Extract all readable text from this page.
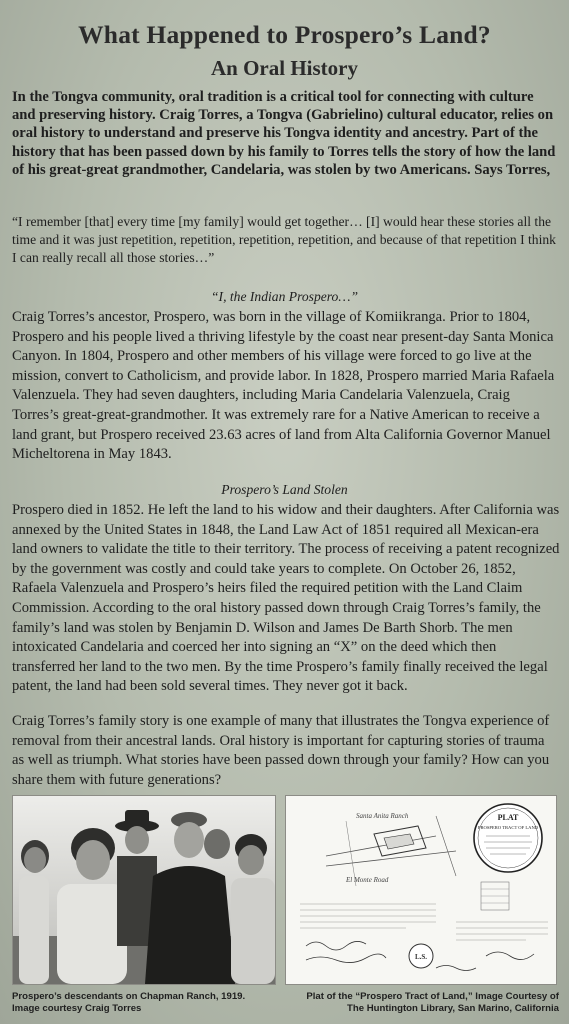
What Happened to Prospero’s Land?
An Oral History

In the Tongva community, oral tradition is a critical tool for connecting with culture and preserving history. Craig Torres, a Tongva (Gabrielino) cultural educator, relies on oral history to understand and preserve his Tongva identity and ancestry. Part of the history that has been passed down by his family to Torres tells the story of how the land of his great-great grandmother, Candelaria, was stolen by two Americans. Says Torres,

“I remember [that] every time [my family] would get together… [I] would hear these stories all the time and it was just repetition, repetition, repetition, repetition, and because of that repetition I think I can really recall all those stories…”

“I, the Indian Prospero…”

Craig Torres’s ancestor, Prospero, was born in the village of Komiikranga. Prior to 1804, Prospero and his people lived a thriving lifestyle by the coast near present-day Santa Monica Canyon. In 1804, Prospero and other members of his village were forced to go live at the mission, convert to Catholicism, and provide labor. In 1828, Prospero married Maria Rafaela Valenzuela. They had seven daughters, including Maria Candelaria Valenzuela, Craig Torres’s great-great-grandmother. It was extremely rare for a Native American to receive a land grant, but Prospero received 23.63 acres of land from Alta California Governor Manuel Micheltorena in May 1843.

Prospero’s Land Stolen

Prospero died in 1852. He left the land to his widow and their daughters. After California was annexed by the United States in 1848, the Land Law Act of 1851 required all Mexican-era land owners to validate the title to their territory. The process of receiving a patent recognized by the government was costly and could take years to complete. On October 26, 1852, Rafaela Valenzuela and Prospero’s heirs filed the required petition with the Land Claim Commission. According to the oral history passed down through Craig Torres’s family, the family’s land was stolen by Benjamin D. Wilson and James De Barth Shorb. The men intoxicated Candelaria and coerced her into signing an “X” on the deed which then transferred her land to the two men. By the time Prospero’s family finally received the legal patent, the land had been sold several times. They never got it back.

Craig Torres’s family story is one example of many that illustrates the Tongva experience of removal from their ancestral lands. Oral history is important for capturing stories of trauma as well as triumph. What stories have been passed down through your family? How can you share them with future generations?

Santa Anita Ranch
El Monte Road
PLAT
PROSPERO TRACT OF LAND
L.S.

Prospero’s descendants on Chapman Ranch, 1919.
Image courtesy Craig Torres

Plat of the “Prospero Tract of Land,” Image Courtesy of
The Huntington Library, San Marino, California
